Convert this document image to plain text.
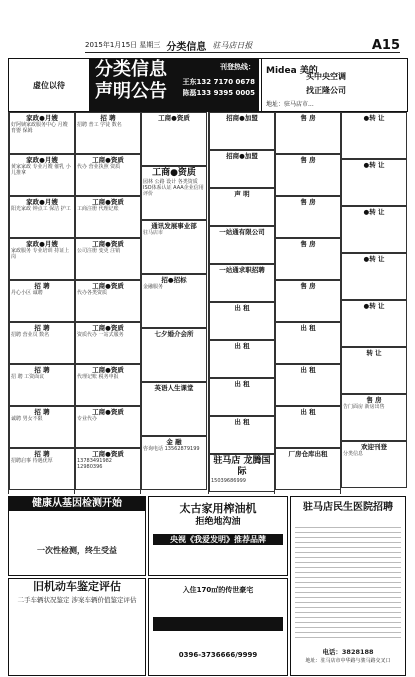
2015年1月15日 星期三 分类信息 驻马店日报	A15
虚位以待
分类信息 声明公告
刊登热线：
王东132 7170 0678
陈磊133 9395 0005
Midea 美的
买中央空调
找正隆公司
地址：驻马店市...
家政●月嫂
好阿姨家政服务中心 月嫂 育婴 保姆
家政●月嫂
黄家家政 专业月嫂 催乳 小儿推拿
家政●月嫂
阳光家政 钟点工 保洁 护工
家政●月嫂
家政服务 专业培训 持证上岗
招 聘
丹心小区 诚聘
招 聘
招聘 营业员 数名
招 聘
招 聘 工资面议
招 聘
诚聘 男女不限
招 聘
招聘启事 待遇优厚
招 聘
招聘 普工 学徒 数名
工商●资质
代办 营业执照 资质
工商●资质
工商注册 代理记账
工商●资质
公司注册 变更 注销
工商●资质
代办各类资质
工商●资质
资质代办 一站式服务
工商●资质
代理记账 税务申报
工商●资质
专业代办
工商●资质
13783491982 12980396
工商●资质
工商●资质
园林 公路 设计 各类资质 ISO体系认证 AAA企业信用评价
通讯发展事业部
驻马店市
招●招标
金融服务
七夕婚介会所
英语人生课堂
金 融
咨询电话 13562879199
招商●加盟
招商●加盟
声 明
一站通有限公司
一站通求职招聘
出 租
出 租
出 租
出 租
驻马店 龙腾国际
15039686999
售 房
售 房
售 房
售 房
售 房
出 租
出 租
出 租
厂房仓库出租
●转 让
●转 让
●转 让
●转 让
●转 让
转 让
售 房
告门面房 新房出售
欢迎刊登
分类信息
健康从基因检测开始
一次性检测，终生受益
旧机动车鉴定评估
二手车辆状况鉴定 涉案车辆价值鉴定评估
太古家用榨油机
拒绝地沟油
央视《我爱发明》推荐品牌
入住170㎡的传世豪宅
0396-3736666/9999
驻马店民生医院招聘
电话：3828188
地址：驻马店市中华路与骏马路交叉口
